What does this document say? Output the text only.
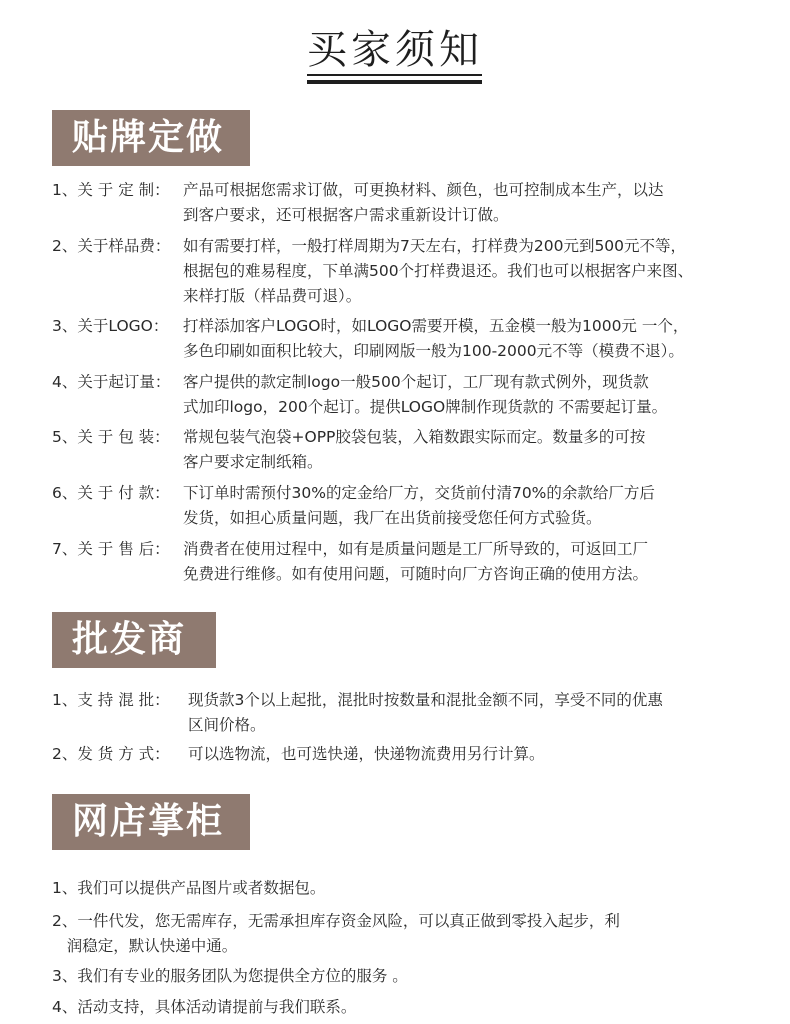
买家须知
贴牌定做
1、关 于 定 制： 产品可根据您需求订做，可更换材料、颜色，也可控制成本生产，以达
到客户要求，还可根据客户需求重新设计订做。
2、关于样品费： 如有需要打样，一般打样周期为7天左右，打样费为200元到500元不等，
根据包的难易程度，下单满500个打样费退还。我们也可以根据客户来图、
来样打版（样品费可退）。
3、关于LOGO： 打样添加客户LOGO时，如LOGO需要开模，五金模一般为1000元 一个，
多色印刷如面积比较大，印刷网版一般为100-2000元不等（模费不退）。
4、关于起订量： 客户提供的款定制logo一般500个起订，工厂现有款式例外，现货款
式加印logo，200个起订。提供LOGO牌制作现货款的 不需要起订量。
5、关 于 包 装： 常规包装气泡袋+OPP胶袋包装，入箱数跟实际而定。数量多的可按
客户要求定制纸箱。
6、关 于 付 款： 下订单时需预付30%的定金给厂方，交货前付清70%的余款给厂方后
发货，如担心质量问题，我厂在出货前接受您任何方式验货。
7、关 于 售 后： 消费者在使用过程中，如有是质量问题是工厂所导致的，可返回工厂
免费进行维修。如有使用问题，可随时向厂方咨询正确的使用方法。
批发商
1、支 持 混 批： 现货款3个以上起批，混批时按数量和混批金额不同，享受不同的优惠
区间价格。
2、发 货 方 式： 可以选物流，也可选快递，快递物流费用另行计算。
网店掌柜
1、我们可以提供产品图片或者数据包。
2、一件代发，您无需库存，无需承担库存资金风险，可以真正做到零投入起步，利
润稳定，默认快递中通。
3、我们有专业的服务团队为您提供全方位的服务 。
4、活动支持，具体活动请提前与我们联系。
